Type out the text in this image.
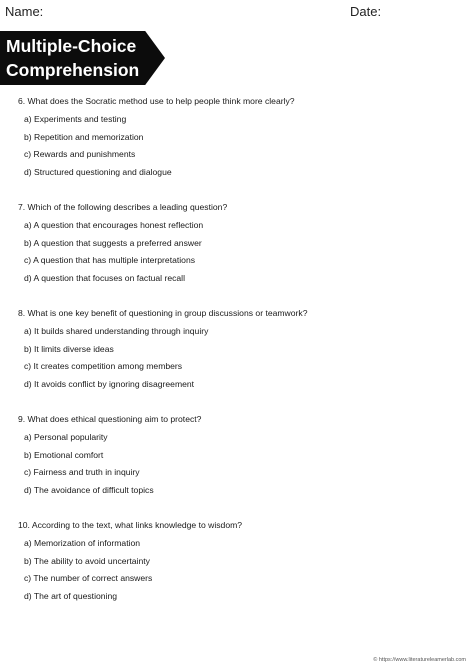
Name:	Date:
Multiple-Choice
Comprehension
6. What does the Socratic method use to help people think more clearly?
a) Experiments and testing
b) Repetition and memorization
c) Rewards and punishments
d) Structured questioning and dialogue
7. Which of the following describes a leading question?
a) A question that encourages honest reflection
b) A question that suggests a preferred answer
c) A question that has multiple interpretations
d) A question that focuses on factual recall
8. What is one key benefit of questioning in group discussions or teamwork?
a) It builds shared understanding through inquiry
b) It limits diverse ideas
c) It creates competition among members
d) It avoids conflict by ignoring disagreement
9. What does ethical questioning aim to protect?
a) Personal popularity
b) Emotional comfort
c) Fairness and truth in inquiry
d) The avoidance of difficult topics
10. According to the text, what links knowledge to wisdom?
a) Memorization of information
b) The ability to avoid uncertainty
c) The number of correct answers
d) The art of questioning
© https://www.literatureleamerlab.com
